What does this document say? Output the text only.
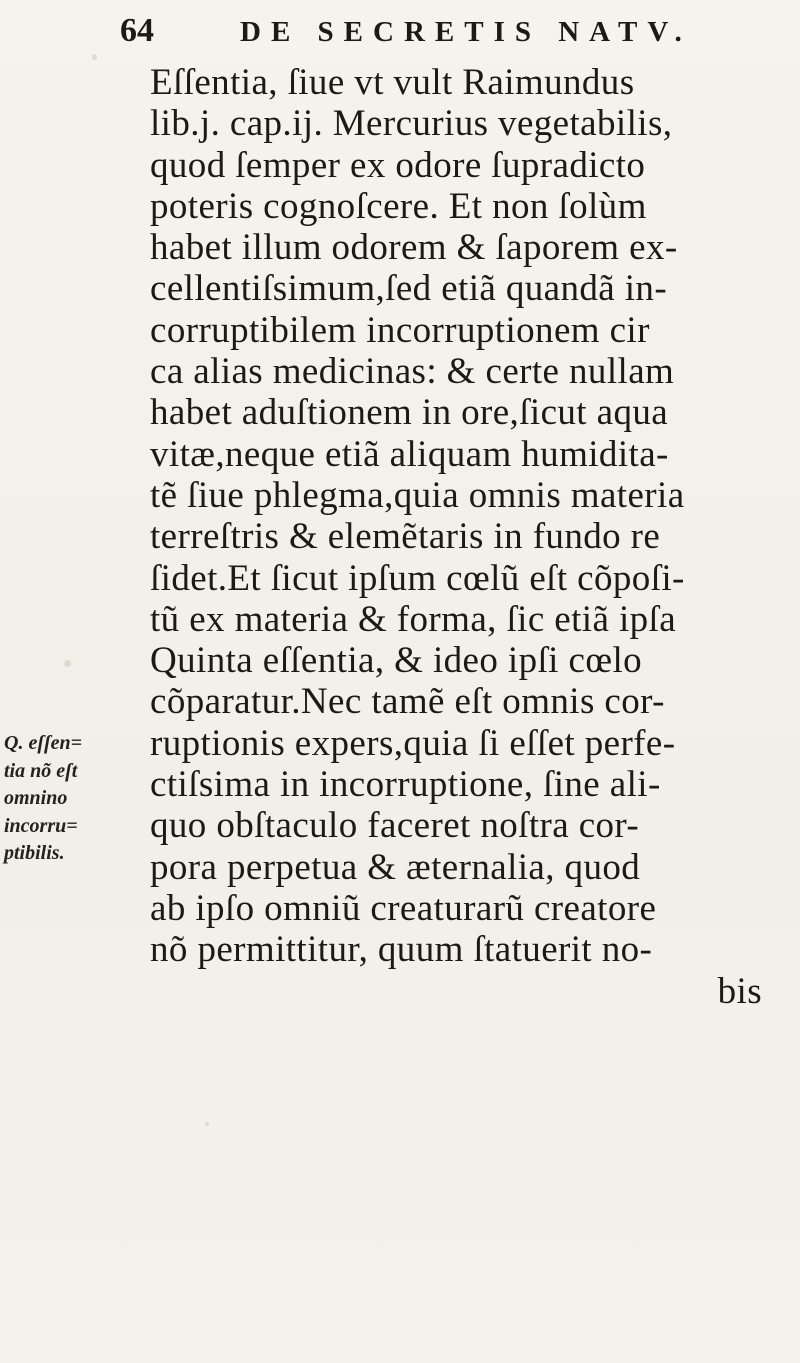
64	DE SECRETIS NATV.
Q. eſſen=
tia nõ eſt
omnino
incorru=
ptibilis.
Eſſentia, ſiue vt vult Raimundus
lib.j. cap.ij. Mercurius vegetabilis,
quod ſemper ex odore ſupradicto
poteris cognoſcere. Et non ſolùm
habet illum odorem & ſaporem ex-
cellentiſsimum,ſed etiã quandã in-
corruptibilem incorruptionem cir
ca alias medicinas: & certe nullam
habet aduſtionem in ore,ſicut aqua
vitæ,neque etiã aliquam humidita-
tẽ ſiue phlegma,quia omnis materia
terreſtris & elemẽtaris in fundo re
ſidet.Et ſicut ipſum cœlũ eſt cõpoſi-
tũ ex materia & forma, ſic etiã ipſa
Quinta eſſentia, & ideo ipſi cœlo
cõparatur.Nec tamẽ eſt omnis cor-
ruptionis expers,quia ſi eſſet perfe-
ctiſsima in incorruptione, ſine ali-
quo obſtaculo faceret noſtra cor-
pora perpetua & æternalia, quod
ab ipſo omniũ creaturarũ creatore
nõ permittitur, quum ſtatuerit no-
bis
